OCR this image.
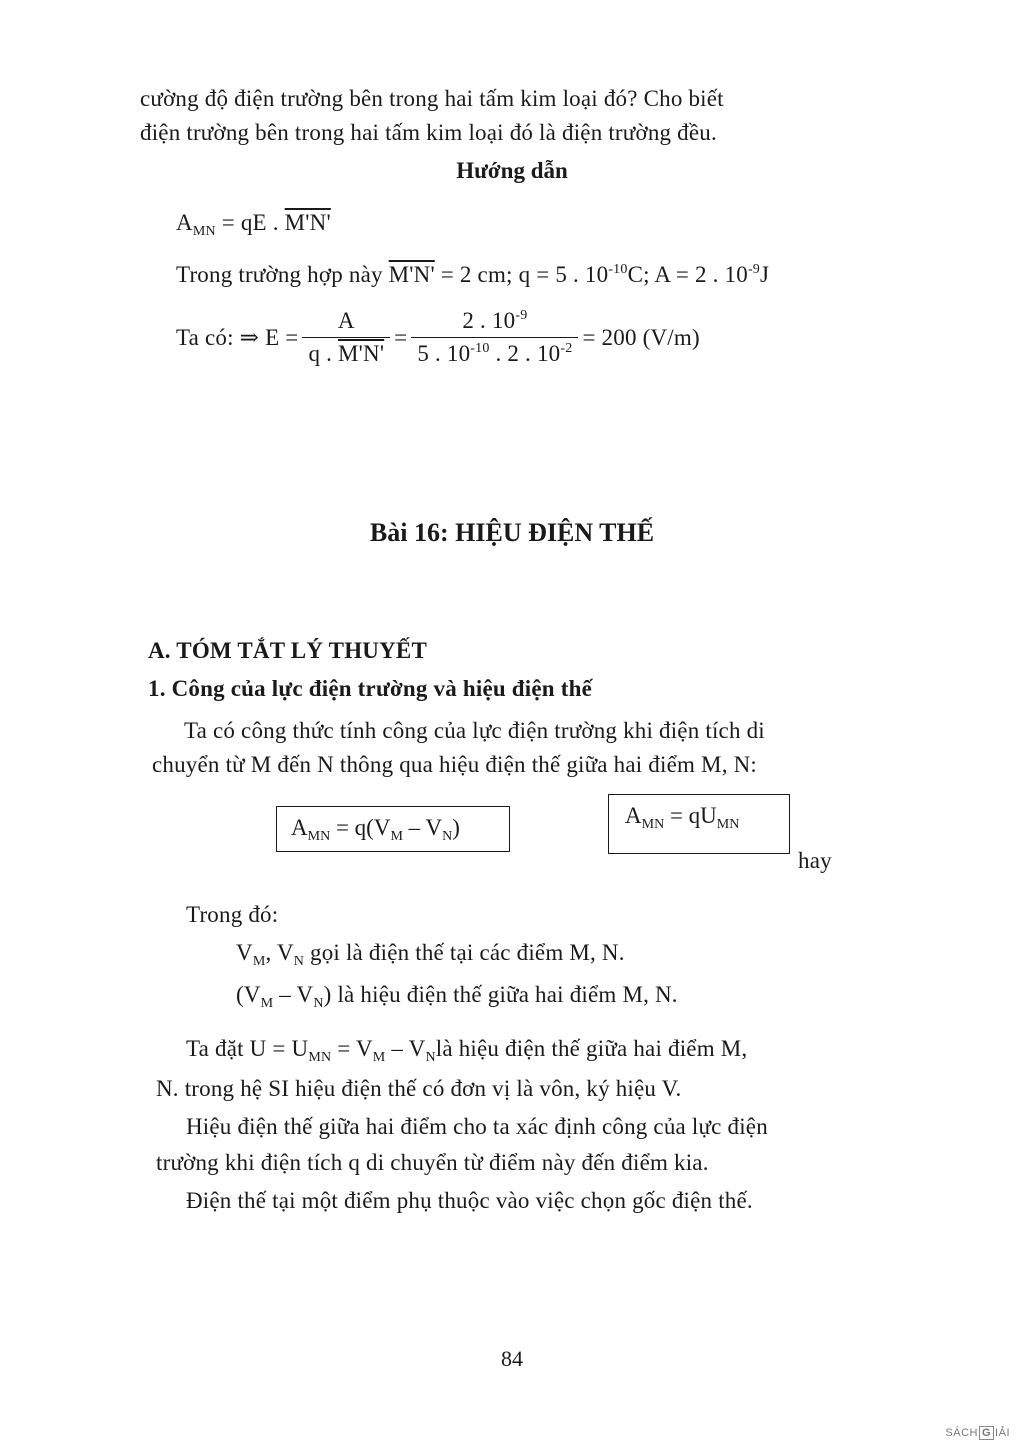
cường độ điện trường bên trong hai tấm kim loại đó? Cho biết
điện trường bên trong hai tấm kim loại đó là điện trường đều.
Hướng dẫn
$A_{MN}$ = qE . M'N'
Trong trường hợp này M'N' = 2 cm; q = 5 . $10^{-10}C$; A = 2 . $10^{-9}J$
Ta có: ⇒ $E = \frac{A}{q . M'N'} = \frac{2 . 10^{-9}}{5 . 10^{-10} . 2 . 10^{-2}} = 200$ (V/m)
Bài 16: HIỆU ĐIỆN THẾ
A. TÓM TẮT LÝ THUYẾT
1. Công của lực điện trường và hiệu điện thế
Ta có công thức tính công của lực điện trường khi điện tích di
chuyển từ M đến N thông qua hiệu điện thế giữa hai điểm M, N:
$A_{MN} = q(V_M - V_N)$	$A_{MN} = qU_{MN}$
hay
Trong đó:
$V_M$, $V_N$ gọi là điện thế tại các điểm M, N.
$(V_M - V_N)$ là hiệu điện thế giữa hai điểm M, N.
Ta đặt $U = U_{MN} = V_M$ – $V_Nlà$ hiệu điện thế giữa hai điểm M,
N. trong hệ SI hiệu điện thế có đơn vị là vôn, ký hiệu V.
Hiệu điện thế giữa hai điểm cho ta xác định công của lực điện
trường khi điện tích q di chuyển từ điểm này đến điểm kia.
Điện thế tại một điểm phụ thuộc vào việc chọn gốc điện thế.
84
SÁCH G IẢI
